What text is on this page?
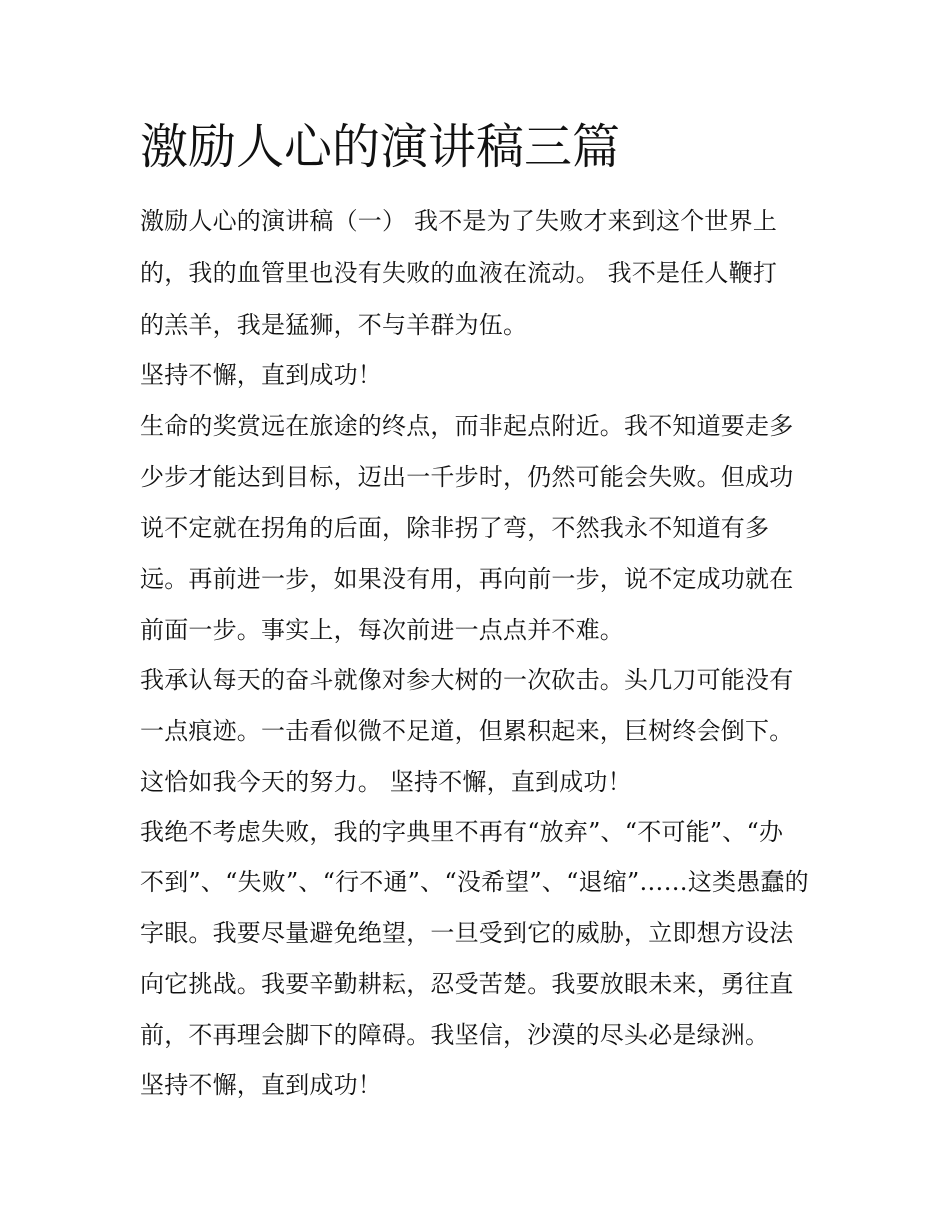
激励人心的演讲稿三篇

激励人心的演讲稿（一） 我不是为了失败才来到这个世界上

的，我的血管里也没有失败的血液在流动。 我不是任人鞭打

的羔羊，我是猛狮，不与羊群为伍。

坚持不懈，直到成功！

生命的奖赏远在旅途的终点，而非起点附近。我不知道要走多

少步才能达到目标，迈出一千步时，仍然可能会失败。但成功

说不定就在拐角的后面，除非拐了弯，不然我永不知道有多

远。再前进一步，如果没有用，再向前一步，说不定成功就在

前面一步。事实上，每次前进一点点并不难。

我承认每天的奋斗就像对参大树的一次砍击。头几刀可能没有

一点痕迹。一击看似微不足道，但累积起来，巨树终会倒下。

这恰如我今天的努力。 坚持不懈，直到成功！

我绝不考虑失败，我的字典里不再有“放弃”、“不可能”、“办

不到”、“失败”、“行不通”、“没希望”、“退缩”……这类愚蠢的

字眼。我要尽量避免绝望，一旦受到它的威胁，立即想方设法

向它挑战。我要辛勤耕耘，忍受苦楚。我要放眼未来，勇往直

前，不再理会脚下的障碍。我坚信，沙漠的尽头必是绿洲。

坚持不懈，直到成功！
